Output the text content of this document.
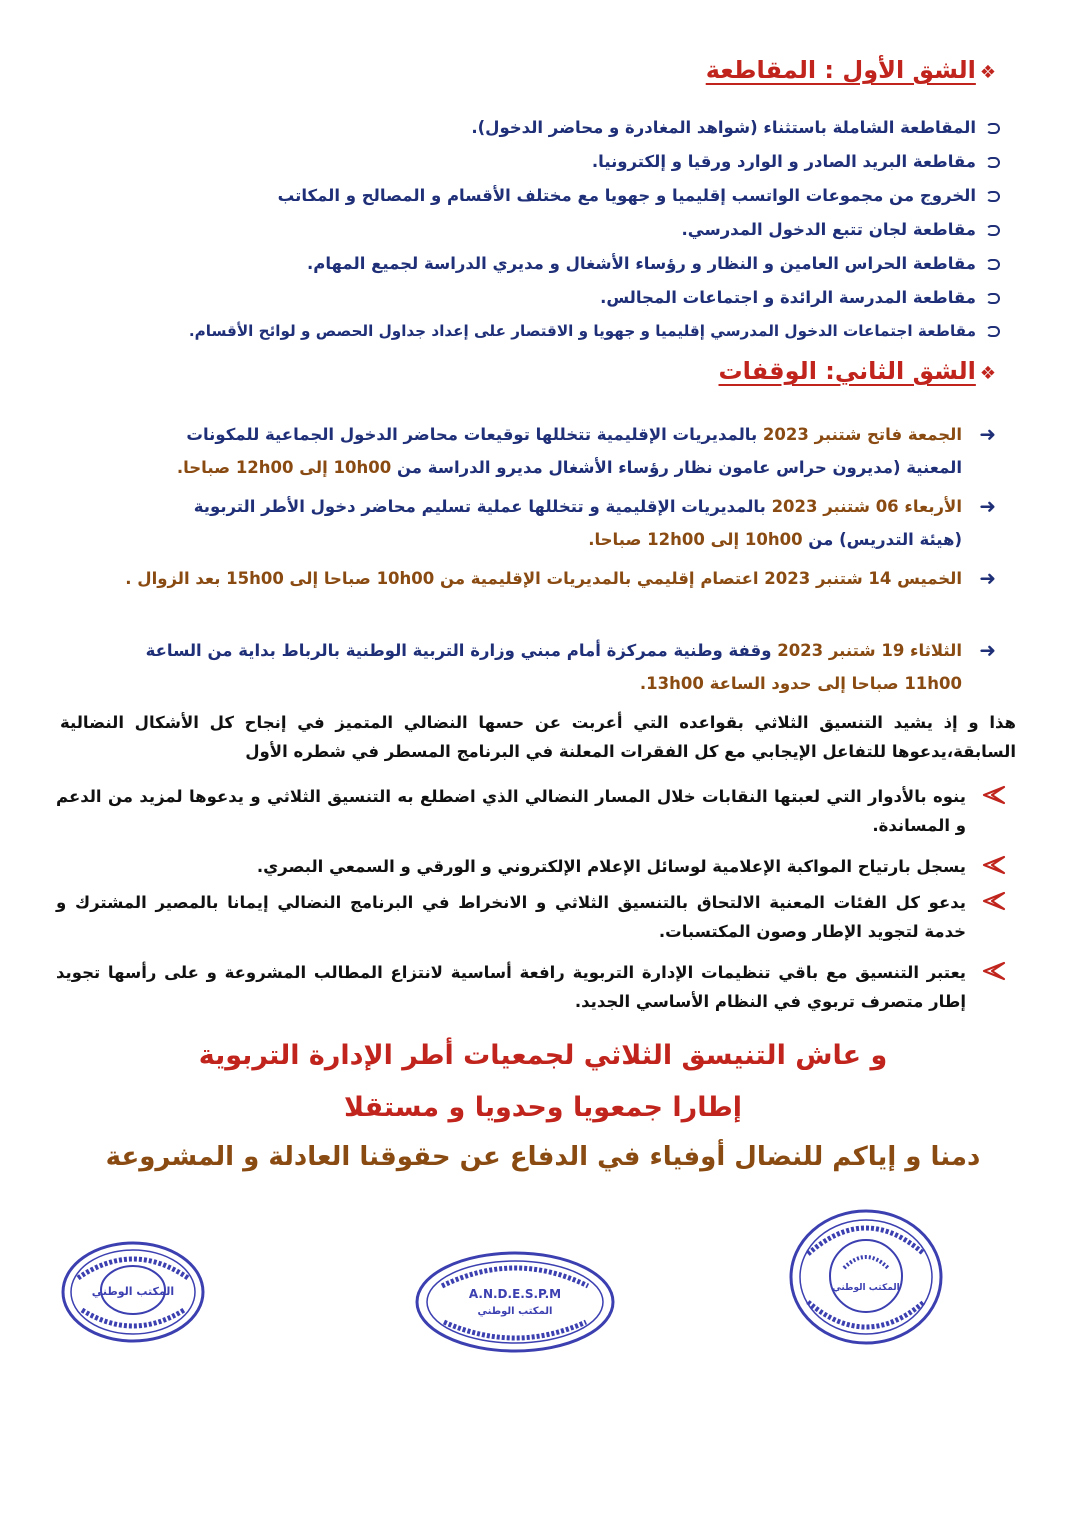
❖الشق الأول : المقاطعة
المقاطعة الشاملة باستثناء (شواهد المغادرة و محاضر الدخول).
مقاطعة البريد الصادر و الوارد ورقيا و إلكترونيا.
الخروج من مجموعات الواتسب إقليميا و جهويا مع مختلف الأقسام و المصالح و المكاتب
مقاطعة لجان تتبع الدخول المدرسي.
مقاطعة الحراس العامين و النظار و رؤساء الأشغال و مديري الدراسة لجميع المهام.
مقاطعة المدرسة الرائدة و اجتماعات المجالس.
مقاطعة اجتماعات الدخول المدرسي إقليميا و جهويا و الاقتصار على إعداد جداول الحصص و لوائح الأقسام.
❖الشق الثاني: الوقفات
➜
الجمعة فاتح شتنبر 2023 بالمديريات الإقليمية تتخللها توقيعات محاضر الدخول الجماعية للمكونات
المعنية (مديرون حراس عامون نظار رؤساء الأشغال مديرو الدراسة من 10h00 إلى 12h00 صباحا.
➜
الأربعاء 06 شتنبر 2023 بالمديريات الإقليمية و تتخللها عملية تسليم محاضر دخول الأطر التربوية
(هيئة التدريس) من 10h00 إلى 12h00 صباحا.
➜
الخميس 14 شتنبر 2023 اعتصام إقليمي بالمديريات الإقليمية من 10h00 صباحا إلى 15h00 بعد الزوال .
➜
الثلاثاء 19 شتنبر 2023 وقفة وطنية ممركزة أمام مبني وزارة التربية الوطنية بالرباط بداية من الساعة
11h00 صباحا إلى حدود الساعة 13h00.
هذا و إذ يشيد التنسيق الثلاثي بقواعده التي أعربت عن حسها النضالي المتميز في إنجاح كل الأشكال النضالية السابقة،يدعوها للتفاعل الإيجابي مع كل الفقرات المعلنة في البرنامج المسطر في شطره الأول
ينوه بالأدوار التي لعبتها النقابات خلال المسار النضالي الذي اضطلع به التنسيق الثلاثي و يدعوها لمزيد من الدعم و المساندة.
يسجل بارتياح المواكبة الإعلامية لوسائل الإعلام الإلكتروني و الورقي و السمعي البصري.
يدعو كل الفئات المعنية الالتحاق بالتنسيق الثلاثي و الانخراط في البرنامج النضالي إيمانا بالمصير المشترك و خدمة لتجويد الإطار وصون المكتسبات.
يعتبر التنسيق مع باقي تنظيمات الإدارة التربوية رافعة أساسية لانتزاع المطالب المشروعة و على رأسها تجويد إطار متصرف تربوي في النظام الأساسي الجديد.
و عاش التنيسق الثلاثي لجمعيات أطر الإدارة التربوية
إطارا جمعويا وحدويا و مستقلا
دمنا و إياكم للنضال أوفياء في الدفاع عن حقوقنا العادلة و المشروعة
المكتب الوطني	A.N.D.E.S.P.M
المكتب الوطني
المكتب الوطني
